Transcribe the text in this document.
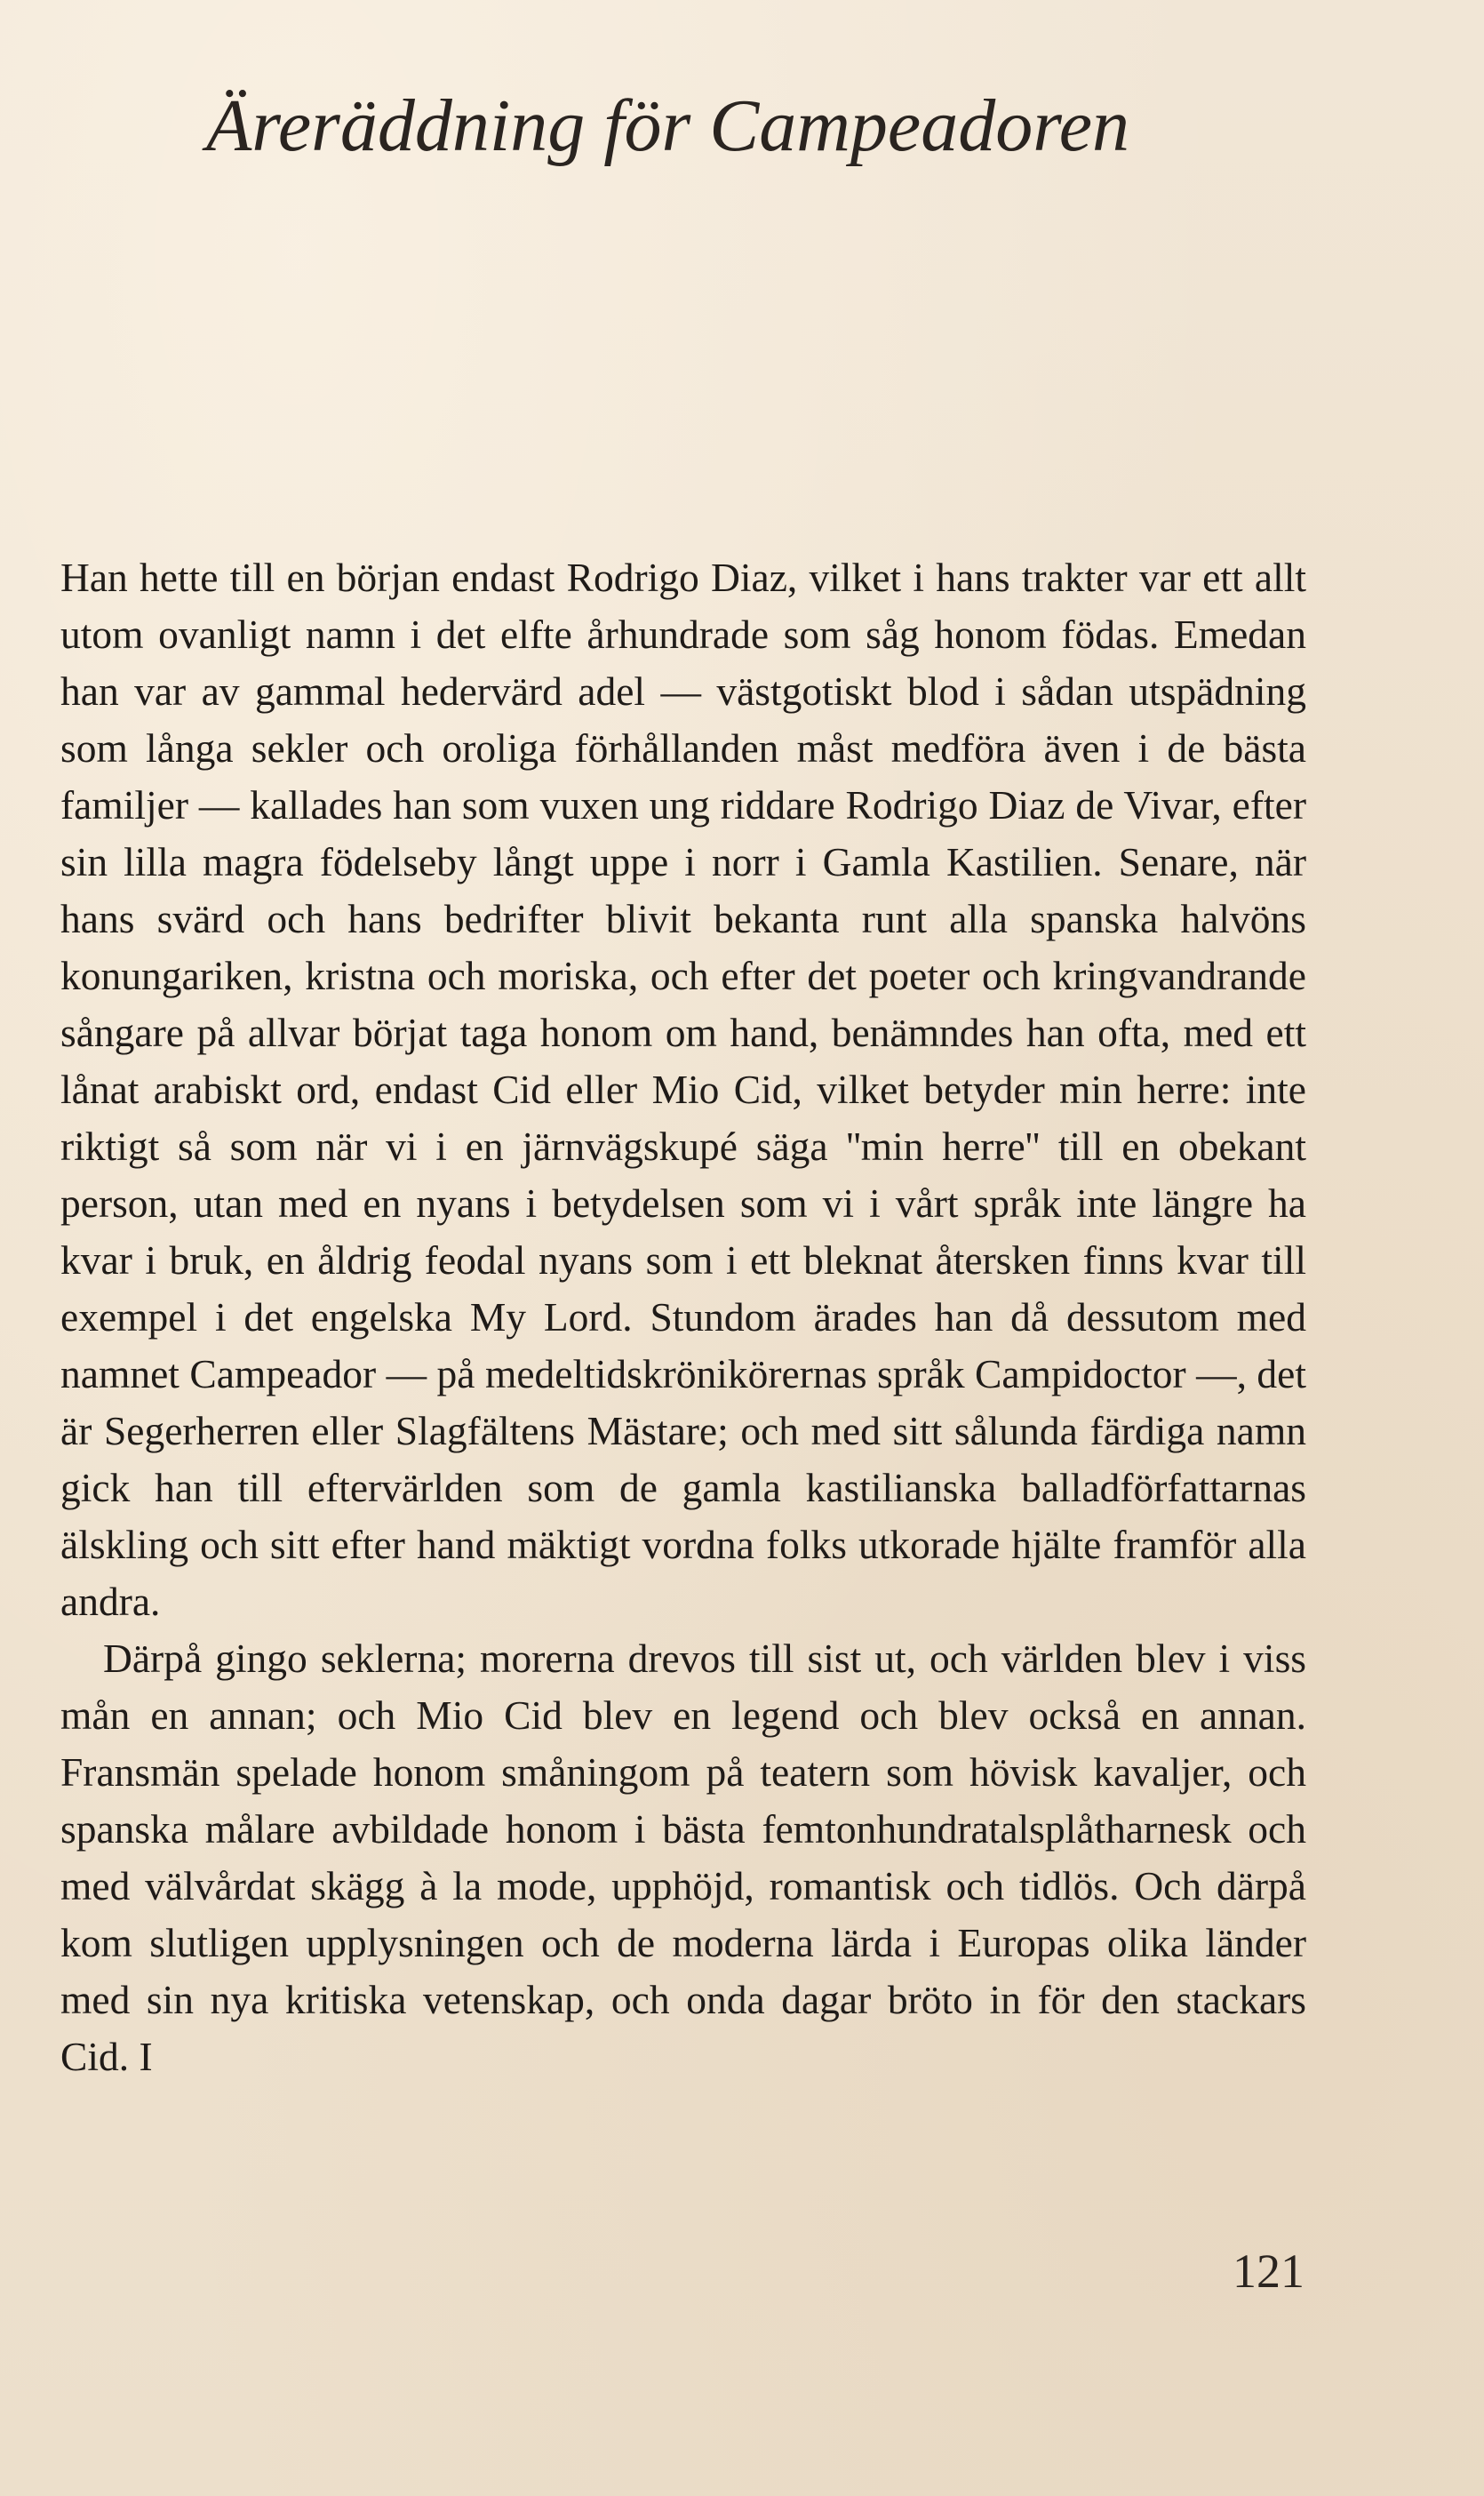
Äreräddning för Campeadoren

Han hette till en början endast Rodrigo Diaz, vilket i hans trakter var ett allt utom ovanligt namn i det elfte århundrade som såg honom födas. Emedan han var av gammal hedervärd adel — västgotiskt blod i sådan utspädning som långa sekler och oroliga förhållanden måst medföra även i de bästa familjer — kallades han som vuxen ung riddare Rodrigo Diaz de Vivar, efter sin lilla magra födelseby långt uppe i norr i Gamla Kastilien. Senare, när hans svärd och hans bedrifter blivit bekanta runt alla spanska halvöns konungariken, kristna och moriska, och efter det poeter och kringvandrande sångare på allvar börjat taga honom om hand, benämndes han ofta, med ett lånat arabiskt ord, endast Cid eller Mio Cid, vilket betyder min herre: inte riktigt så som när vi i en järnvägskupé säga ''min herre'' till en obekant person, utan med en nyans i betydelsen som vi i vårt språk inte längre ha kvar i bruk, en åldrig feodal nyans som i ett bleknat återsken finns kvar till exempel i det engelska My Lord. Stundom ärades han då dessutom med namnet Campeador — på medeltidskrönikörernas språk Campidoctor —, det är Segerherren eller Slagfältens Mästare; och med sitt sålunda färdiga namn gick han till eftervärlden som de gamla kastilianska balladförfattarnas älskling och sitt efter hand mäktigt vordna folks utkorade hjälte framför alla andra.

Därpå gingo seklerna; morerna drevos till sist ut, och världen blev i viss mån en annan; och Mio Cid blev en legend och blev också en annan. Fransmän spelade honom småningom på teatern som hövisk kavaljer, och spanska målare avbildade honom i bästa femtonhundratalsplåtharnesk och med välvårdat skägg à la mode, upphöjd, romantisk och tidlös. Och därpå kom slutligen upplysningen och de moderna lärda i Europas olika länder med sin nya kritiska vetenskap, och onda dagar bröto in för den stackars Cid. I

121
